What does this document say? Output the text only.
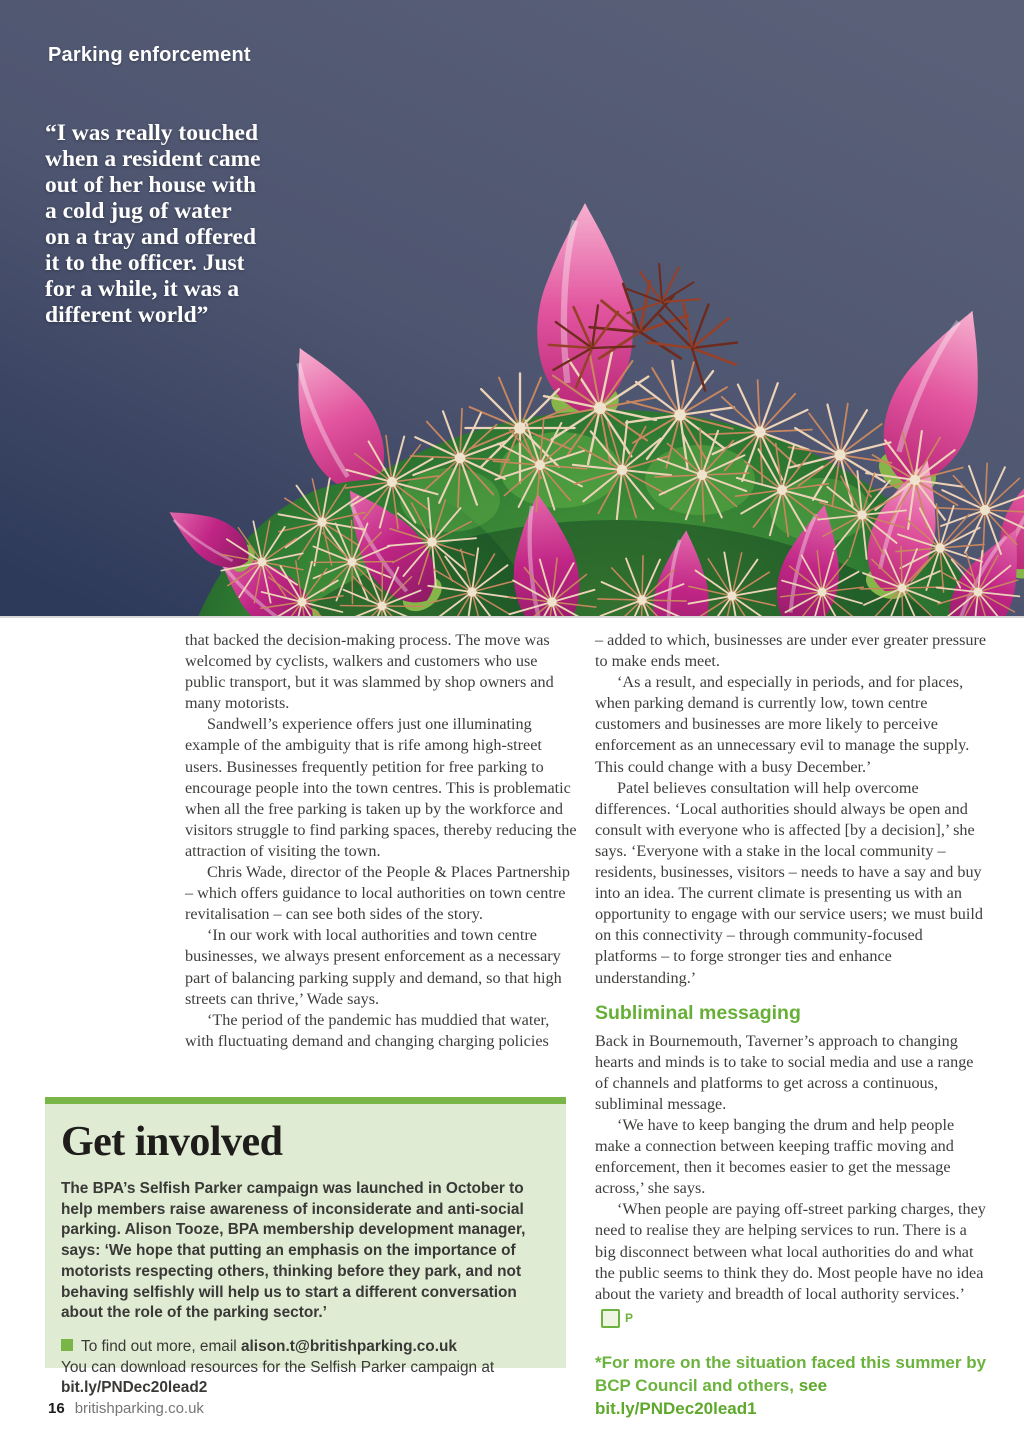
Parking enforcement
“I was really touched
when a resident came
out of her house with
a cold jug of water
on a tray and offered
it to the officer. Just
for a while, it was a
different world”

that backed the decision-making process. The move was welcomed by cyclists, walkers and customers who use public transport, but it was slammed by shop owners and many motorists.

Sandwell’s experience offers just one illuminating example of the ambiguity that is rife among high-street users. Businesses frequently petition for free parking to encourage people into the town centres. This is problematic when all the free parking is taken up by the workforce and visitors struggle to find parking spaces, thereby reducing the attraction of visiting the town.

Chris Wade, director of the People & Places Partnership – which offers guidance to local authorities on town centre revitalisation – can see both sides of the story.

‘In our work with local authorities and town centre businesses, we always present enforcement as a necessary part of balancing parking supply and demand, so that high streets can thrive,’ Wade says.

‘The period of the pandemic has muddied that water, with fluctuating demand and changing charging policies

– added to which, businesses are under ever greater pressure to make ends meet.

‘As a result, and especially in periods, and for places, when parking demand is currently low, town centre customers and businesses are more likely to perceive enforcement as an unnecessary evil to manage the supply. This could change with a busy December.’

Patel believes consultation will help overcome differences. ‘Local authorities should always be open and consult with everyone who is affected [by a decision],’ she says. ‘Everyone with a stake in the local community – residents, businesses, visitors – needs to have a say and buy into an idea. The current climate is presenting us with an opportunity to engage with our service users; we must build on this connectivity – through community-focused platforms – to forge stronger ties and enhance understanding.’

Subliminal messaging

Back in Bournemouth, Taverner’s approach to changing hearts and minds is to take to social media and use a range of channels and platforms to get across a continuous, subliminal message.

‘We have to keep banging the drum and help people make a connection between keeping traffic moving and enforcement, then it becomes easier to get the message across,’ she says.

‘When people are paying off-street parking charges, they need to realise they are helping services to run. There is a big disconnect between what local authorities do and what the public seems to think they do. Most people have no idea about the variety and breadth of local authority services.’P

*For more on the situation faced this summer by
BCP Council and others, see bit.ly/PNDec20lead1
Get involved
The BPA’s Selfish Parker campaign was launched in October to help members raise awareness of inconsiderate and anti-social parking. Alison Tooze, BPA membership development manager, says: ‘We hope that putting an emphasis on the importance of motorists respecting others, thinking before they park, and not behaving selfishly will help us to start a different conversation about the role of the parking sector.’
To find out more, email alison.t@britishparking.co.uk
You can download resources for the Selfish Parker campaign at
bit.ly/PNDec20lead2
16 britishparking.co.uk
